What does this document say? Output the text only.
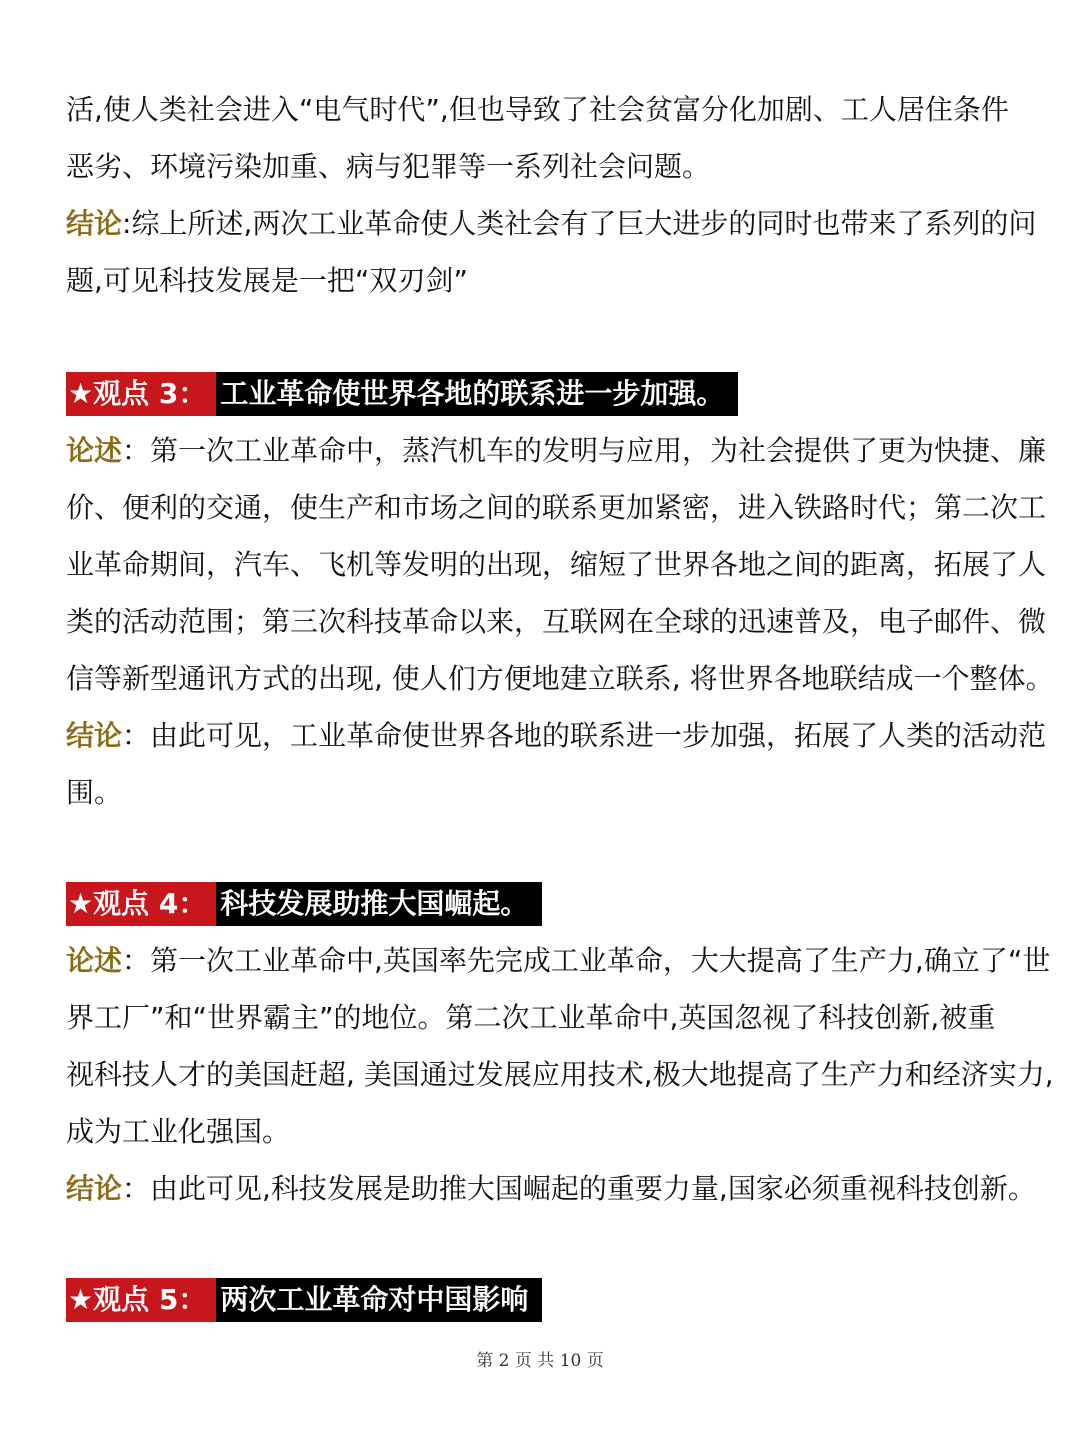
活,使人类社会进入“电气时代”,但也导致了社会贫富分化加剧、工人居住条件

恶劣、环境污染加重、病与犯罪等一系列社会问题。

结论:综上所述,两次工业革命使人类社会有了巨大进步的同时也带来了系列的问

题,可见科技发展是一把“双刃剑”

★观点 3： 工业革命使世界各地的联系进一步加强。

论述：第一次工业革命中，蒸汽机车的发明与应用，为社会提供了更为快捷、廉

价、便利的交通，使生产和市场之间的联系更加紧密，进入铁路时代；第二次工

业革命期间，汽车、飞机等发明的出现，缩短了世界各地之间的距离，拓展了人

类的活动范围；第三次科技革命以来，互联网在全球的迅速普及，电子邮件、微

信等新型通讯方式的出现, 使人们方便地建立联系, 将世界各地联结成一个整体。

结论：由此可见，工业革命使世界各地的联系进一步加强，拓展了人类的活动范

围。

★观点 4： 科技发展助推大国崛起。

论述：第一次工业革命中,英国率先完成工业革命，大大提高了生产力,确立了“世

界工厂”和“世界霸主”的地位。第二次工业革命中,英国忽视了科技创新,被重

视科技人才的美国赶超, 美国通过发展应用技术,极大地提高了生产力和经济实力,

成为工业化强国。

结论：由此可见,科技发展是助推大国崛起的重要力量,国家必须重视科技创新。

★观点 5： 两次工业革命对中国影响
第 2 页 共 10 页
